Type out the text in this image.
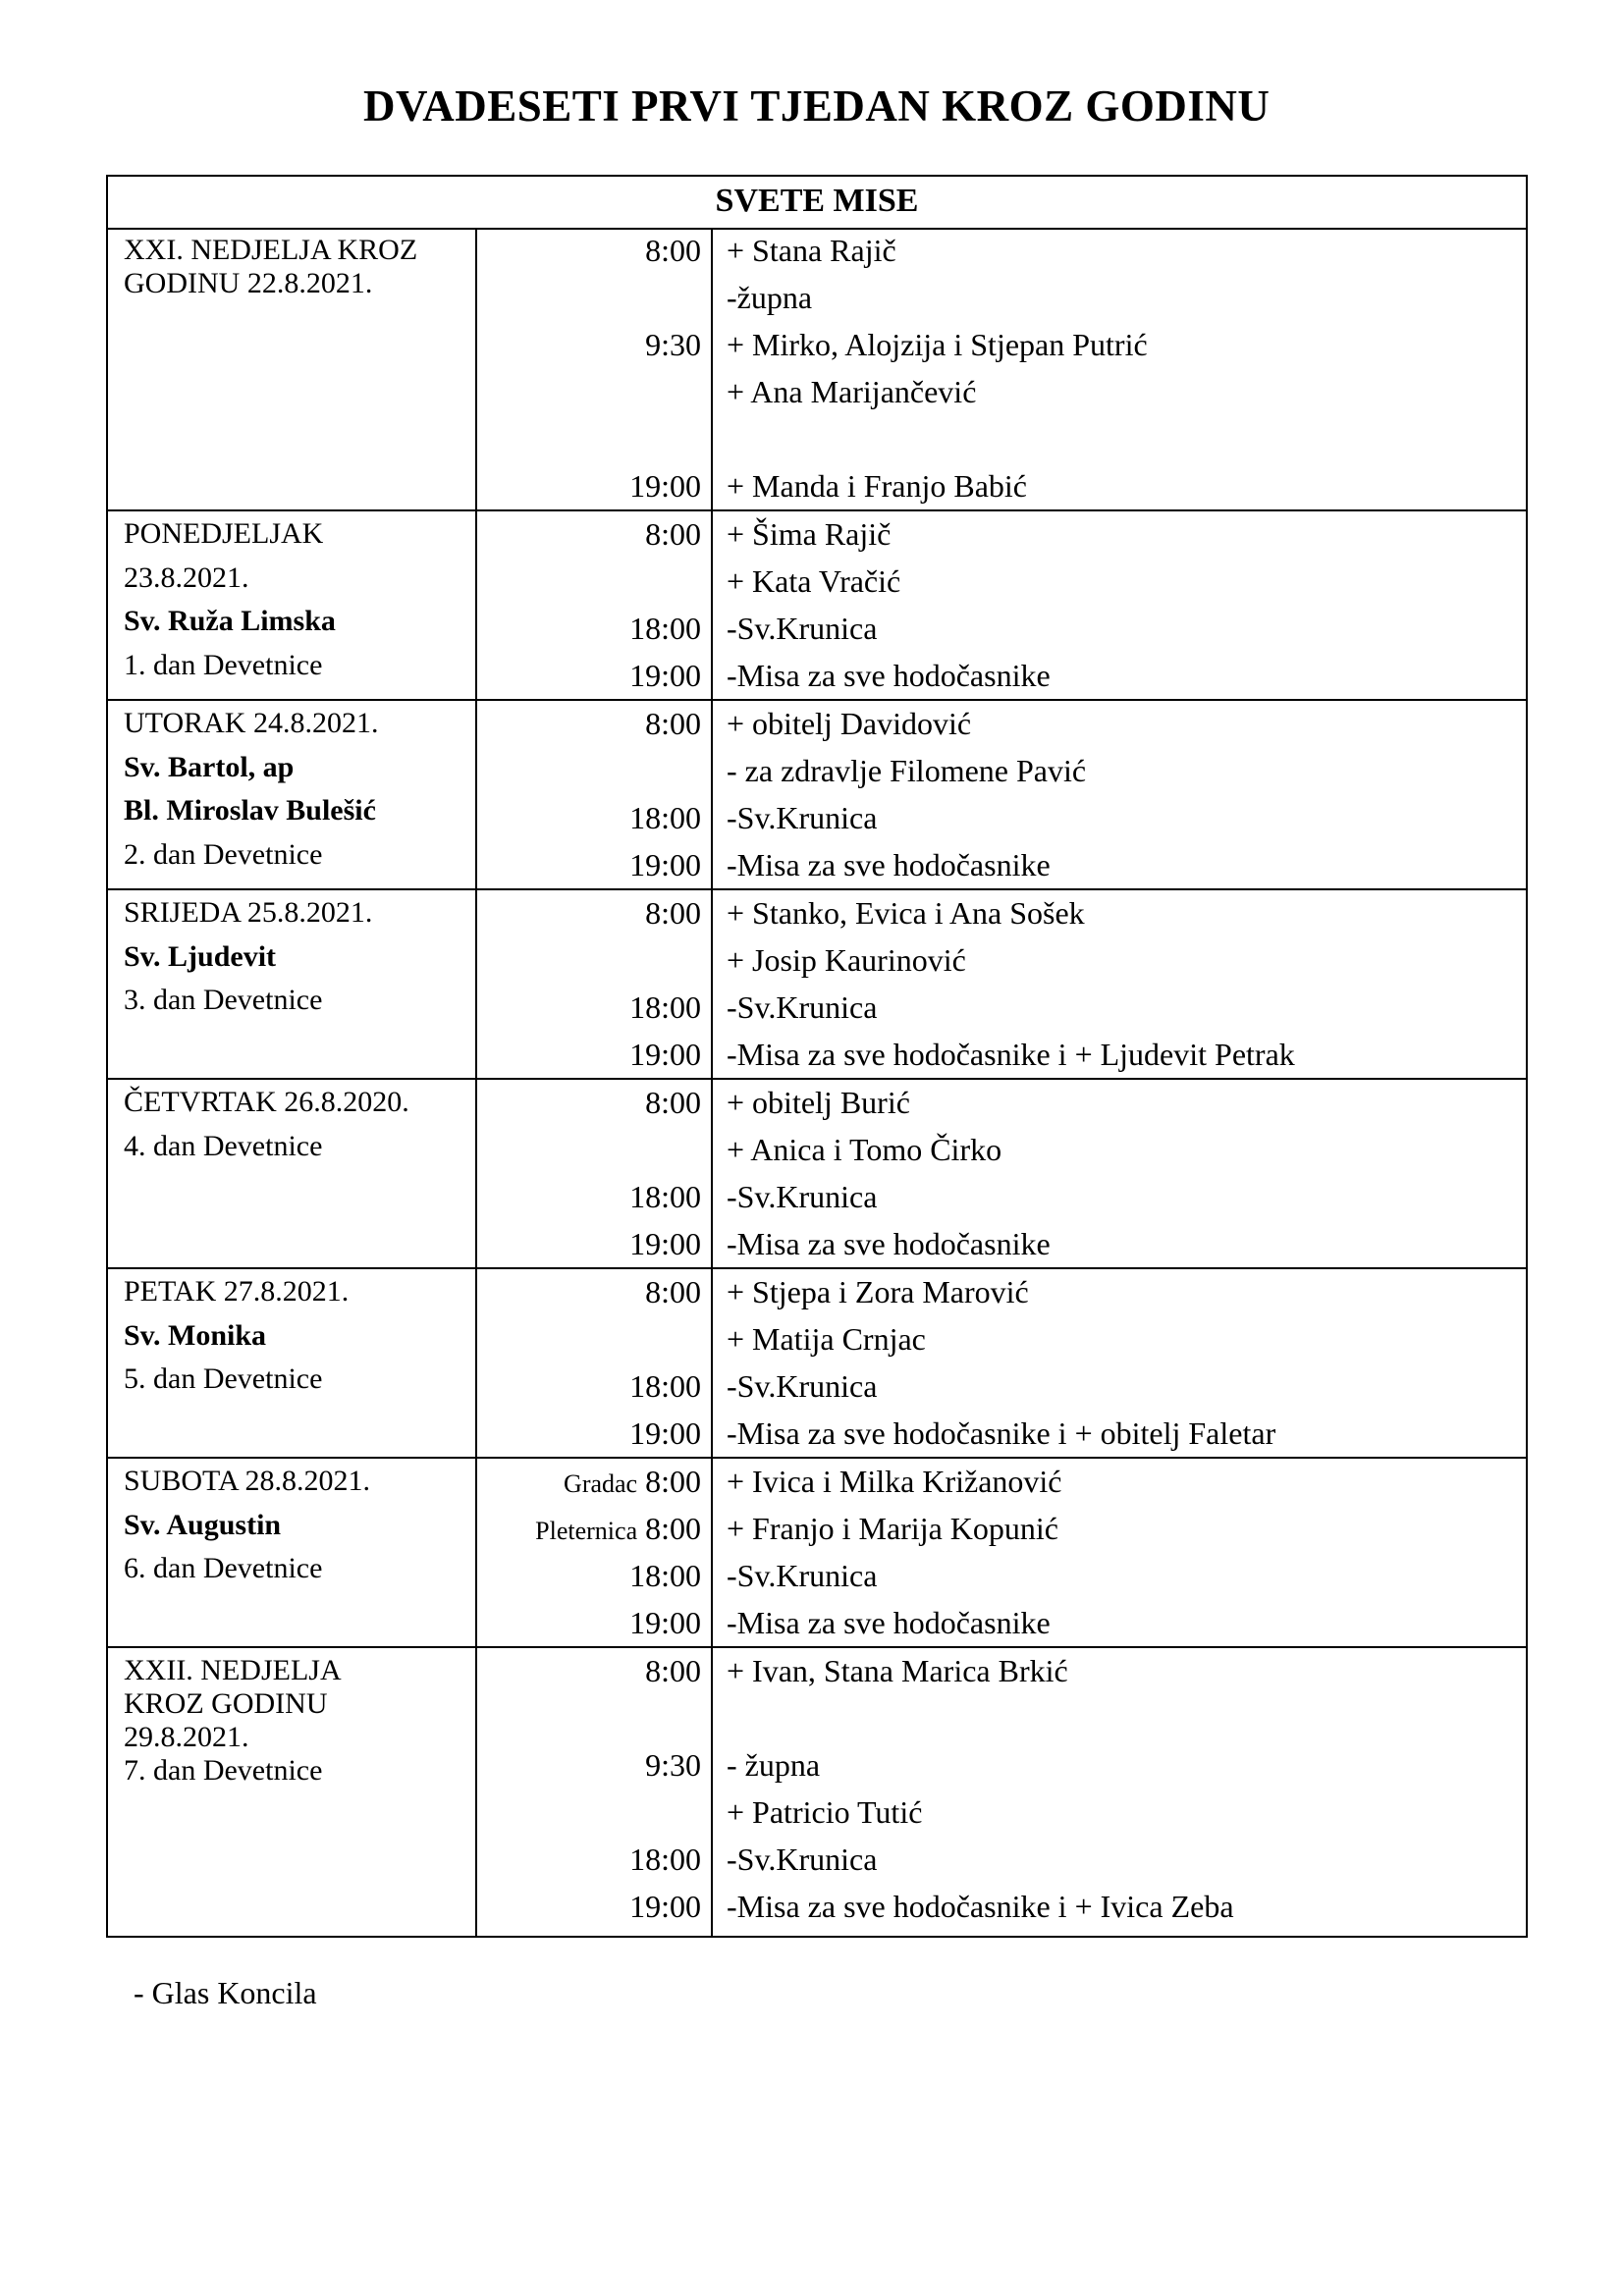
DVADESETI PRVI TJEDAN KROZ GODINU
SVETE MISE
XXI. NEDJELJA KROZ
GODINU 22.8.2021.
8:00
9:30
19:00
+ Stana Rajič
-župna
+ Mirko, Alojzija i Stjepan Putrić
+ Ana Marijančević
+ Manda i Franjo Babić
PONEDJELJAK
23.8.2021.
Sv. Ruža Limska
1. dan Devetnice
8:00
18:00
19:00
+ Šima Rajič
+ Kata Vračić
-Sv.Krunica
-Misa za sve hodočasnike
UTORAK 24.8.2021.
Sv. Bartol, ap
Bl. Miroslav Bulešić
2. dan Devetnice
8:00
18:00
19:00
+ obitelj Davidović
- za zdravlje Filomene Pavić
-Sv.Krunica
-Misa za sve hodočasnike
SRIJEDA 25.8.2021.
Sv. Ljudevit
3. dan Devetnice
8:00
18:00
19:00
+ Stanko, Evica i Ana Sošek
+ Josip Kaurinović
-Sv.Krunica
-Misa za sve hodočasnike i + Ljudevit Petrak
ČETVRTAK 26.8.2020.
4. dan Devetnice
8:00
18:00
19:00
+ obitelj Burić
+ Anica i Tomo Čirko
-Sv.Krunica
-Misa za sve hodočasnike
PETAK 27.8.2021.
Sv. Monika
5. dan Devetnice
8:00
18:00
19:00
+ Stjepa i Zora Marović
+ Matija Crnjac
-Sv.Krunica
-Misa za sve hodočasnike i + obitelj Faletar
SUBOTA 28.8.2021.
Sv. Augustin
6. dan Devetnice
Gradac 8:00
Pleternica 8:00
18:00
19:00
+ Ivica i Milka Križanović
+ Franjo i Marija Kopunić
-Sv.Krunica
-Misa za sve hodočasnike
XXII. NEDJELJA
KROZ GODINU
29.8.2021.
7. dan Devetnice
8:00
9:30
18:00
19:00
+ Ivan, Stana Marica Brkić
- župna
+ Patricio Tutić
-Sv.Krunica
-Misa za sve hodočasnike i + Ivica Zeba
- Glas Koncila
